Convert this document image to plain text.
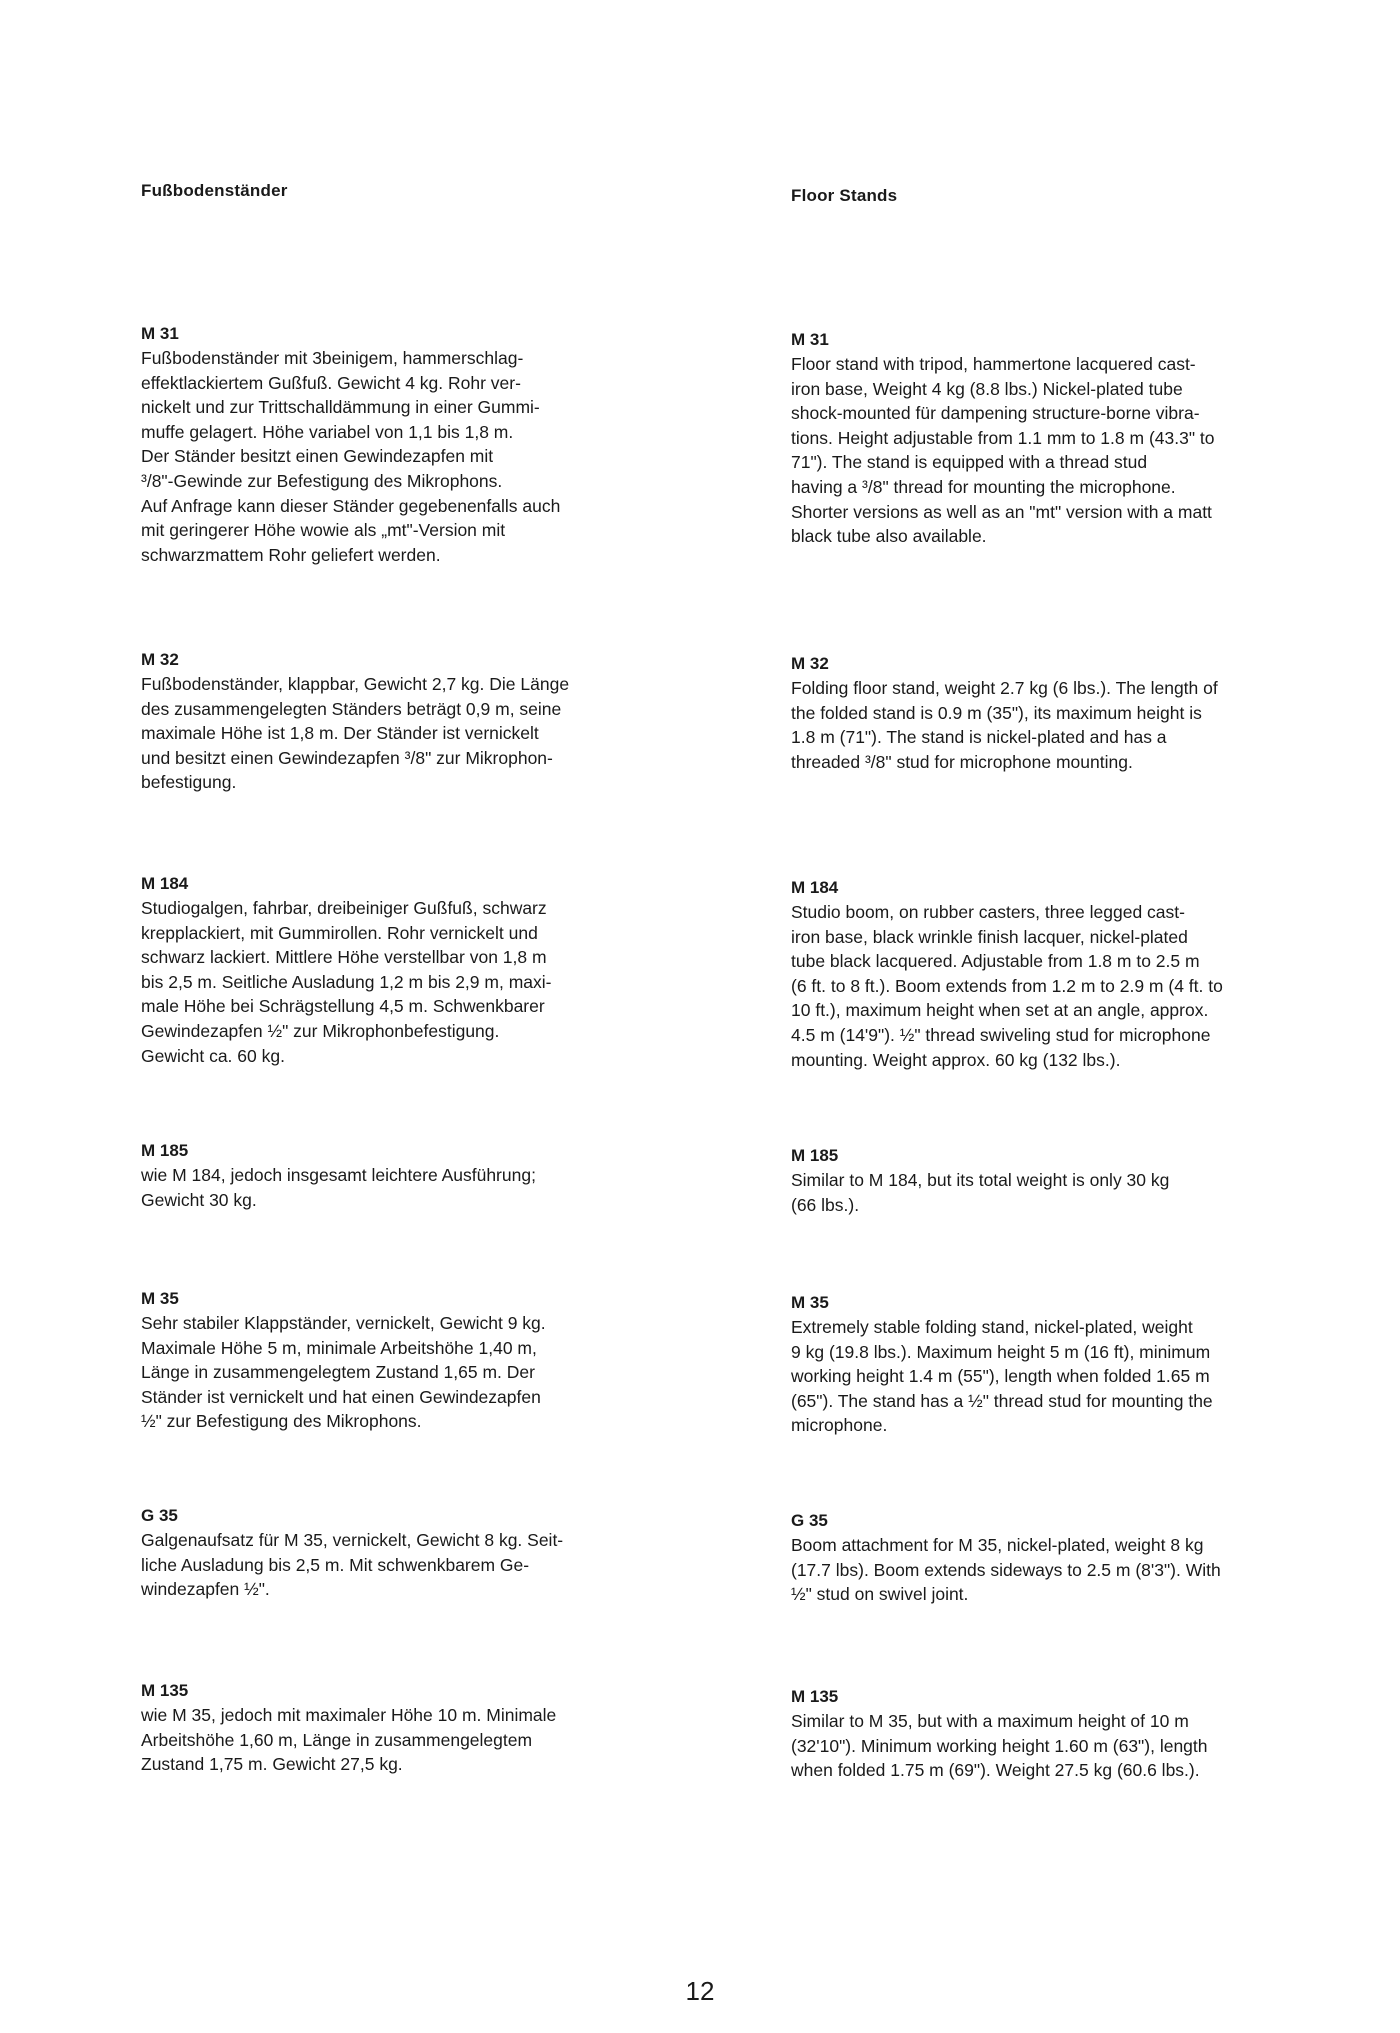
Fußbodenständer

M 31

Fußbodenständer mit 3beinigem, hammerschlag-
effektlackiertem Gußfuß. Gewicht 4 kg. Rohr ver-
nickelt und zur Trittschalldämmung in einer Gummi-
muffe gelagert. Höhe variabel von 1,1 bis 1,8 m.
Der Ständer besitzt einen Gewindezapfen mit
³/8"-Gewinde zur Befestigung des Mikrophons.
Auf Anfrage kann dieser Ständer gegebenenfalls auch
mit geringerer Höhe wowie als „mt"-Version mit
schwarzmattem Rohr geliefert werden.

M 32

Fußbodenständer, klappbar, Gewicht 2,7 kg. Die Länge
des zusammengelegten Ständers beträgt 0,9 m, seine
maximale Höhe ist 1,8 m. Der Ständer ist vernickelt
und besitzt einen Gewindezapfen ³/8" zur Mikrophon-
befestigung.

M 184

Studiogalgen, fahrbar, dreibeiniger Gußfuß, schwarz
krepplackiert, mit Gummirollen. Rohr vernickelt und
schwarz lackiert. Mittlere Höhe verstellbar von 1,8 m
bis 2,5 m. Seitliche Ausladung 1,2 m bis 2,9 m, maxi-
male Höhe bei Schrägstellung 4,5 m. Schwenkbarer
Gewindezapfen ½" zur Mikrophonbefestigung.
Gewicht ca. 60 kg.

M 185

wie M 184, jedoch insgesamt leichtere Ausführung;
Gewicht 30 kg.

M 35

Sehr stabiler Klappständer, vernickelt, Gewicht 9 kg.
Maximale Höhe 5 m, minimale Arbeitshöhe 1,40 m,
Länge in zusammengelegtem Zustand 1,65 m. Der
Ständer ist vernickelt und hat einen Gewindezapfen
½" zur Befestigung des Mikrophons.

G 35

Galgenaufsatz für M 35, vernickelt, Gewicht 8 kg. Seit-
liche Ausladung bis 2,5 m. Mit schwenkbarem Ge-
windezapfen ½".

M 135

wie M 35, jedoch mit maximaler Höhe 10 m. Minimale
Arbeitshöhe 1,60 m, Länge in zusammengelegtem
Zustand 1,75 m. Gewicht 27,5 kg.

Floor Stands

M 31

Floor stand with tripod, hammertone lacquered cast-
iron base, Weight 4 kg (8.8 lbs.) Nickel-plated tube
shock-mounted für dampening structure-borne vibra-
tions. Height adjustable from 1.1 mm to 1.8 m (43.3" to
71"). The stand is equipped with a thread stud
having a ³/8" thread for mounting the microphone.
Shorter versions as well as an "mt" version with a matt
black tube also available.

M 32

Folding floor stand, weight 2.7 kg (6 lbs.). The length of
the folded stand is 0.9 m (35"), its maximum height is
1.8 m (71"). The stand is nickel-plated and has a
threaded ³/8" stud for microphone mounting.

M 184

Studio boom, on rubber casters, three legged cast-
iron base, black wrinkle finish lacquer, nickel-plated
tube black lacquered. Adjustable from 1.8 m to 2.5 m
(6 ft. to 8 ft.). Boom extends from 1.2 m to 2.9 m (4 ft. to
10 ft.), maximum height when set at an angle, approx.
4.5 m (14'9"). ½" thread swiveling stud for microphone
mounting. Weight approx. 60 kg (132 lbs.).

M 185

Similar to M 184, but its total weight is only 30 kg
(66 lbs.).

M 35

Extremely stable folding stand, nickel-plated, weight
9 kg (19.8 lbs.). Maximum height 5 m (16 ft), minimum
working height 1.4 m (55"), length when folded 1.65 m
(65"). The stand has a ½" thread stud for mounting the
microphone.

G 35

Boom attachment for M 35, nickel-plated, weight 8 kg
(17.7 lbs). Boom extends sideways to 2.5 m (8'3"). With
½" stud on swivel joint.

M 135

Similar to M 35, but with a maximum height of 10 m
(32'10"). Minimum working height 1.60 m (63"), length
when folded 1.75 m (69"). Weight 27.5 kg (60.6 lbs.).

12
